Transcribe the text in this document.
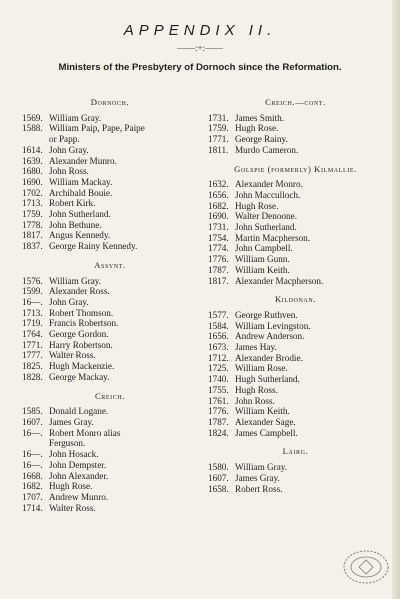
APPENDIX II.
——:+:——
Ministers of the Presbytery of Dornoch since the Reformation.
Dornoch.
1569. William Gray.
1588. William Paip, Pape, Paipe
or Papp.
1614. John Gray.
1639. Alexander Munro.
1680. John Ross.
1690. William Mackay.
1702. Archibald Bouie.
1713. Robert Kirk.
1759. John Sutherland.
1778. John Bethune.
1817. Angus Kennedy.
1837. George Rainy Kennedy.
Assynt.
1576. William Gray.
1599. Alexander Ross.
16—. John Gray.
1713. Robert Thomson.
1719. Francis Robertson.
1764. George Gordon.
1771. Harry Robertson.
1777. Walter Ross.
1825. Hugh Mackenzie.
1828. George Mackay.
Creich.
1585. Donald Logane.
1607. James Gray.
16—. Robert Monro alias
Ferguson.
16—. John Hosack.
16—. John Dempster.
1668. John Alexander.
1682. Hugh Rose.
1707. Andrew Munro.
1714. Walter Ross.
Creich.—cont.
1731. James Smith.
1759. Hugh Rose.
1771. George Rainy.
1811. Murdo Cameron.
Golspie (formerly) Kilmallie.
1632. Alexander Monro.
1656. John Macculloch.
1682. Hugh Rose.
1690. Walter Denoone.
1731. John Sutherland.
1754. Martin Macpherson.
1774. John Campbell.
1776. William Gunn.
1787. William Keith.
1817. Alexander Macpherson.
Kildonan.
1577. George Ruthven.
1584. William Levingston.
1656. Andrew Anderson.
1673. James Hay.
1712. Alexander Brodie.
1725. William Rose.
1740. Hugh Sutherland.
1755. Hugh Ross.
1761. John Ross.
1776. William Keith.
1787. Alexander Sage.
1824. James Campbell.
Lairg.
1580. William Gray.
1607. James Gray.
1658. Robert Ross.
